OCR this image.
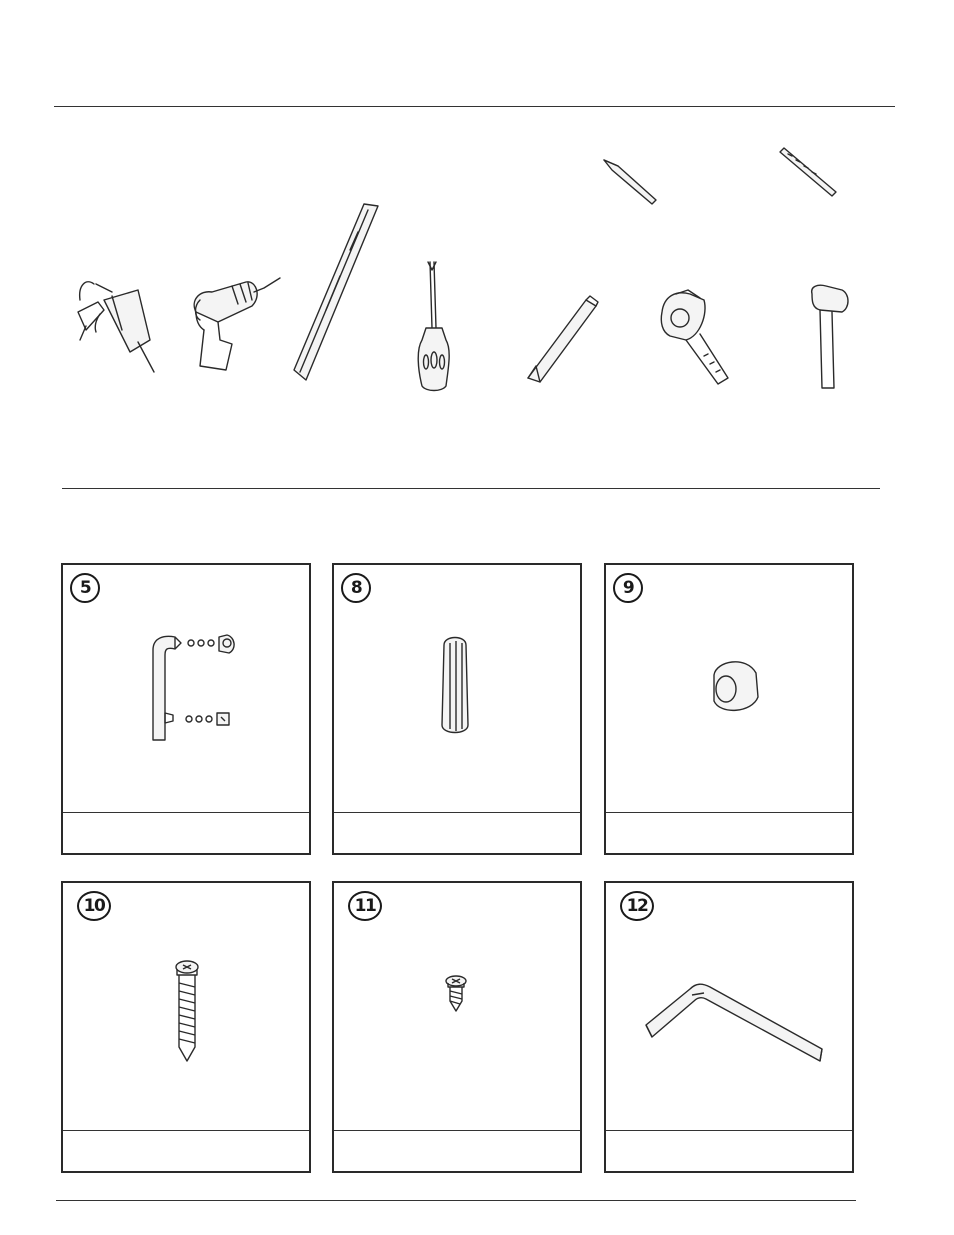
5	8	9
10	11	12
